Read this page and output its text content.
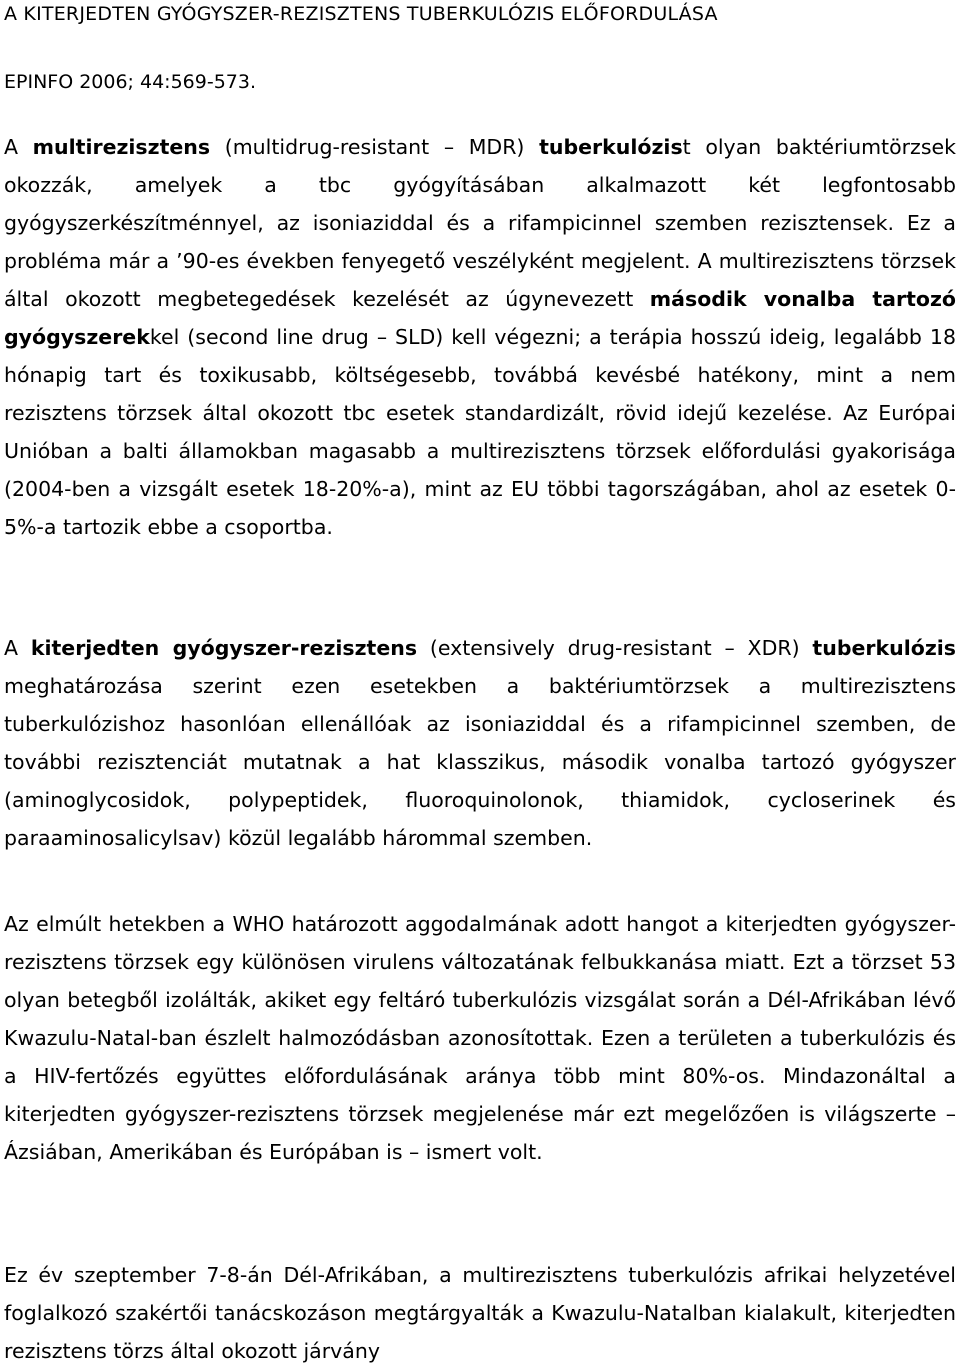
A KITERJEDTEN GYÓGYSZER-REZISZTENS TUBERKULÓZIS ELŐFORDULÁSA
EPINFO 2006; 44:569-573.

A multirezisztens (multidrug-resistant – MDR) tuberkulózist olyan baktériumtörzsek okozzák, amelyek a tbc gyógyításában alkalmazott két legfontosabb gyógyszerkészítménnyel, az isoniaziddal és a rifampicinnel szemben rezisztensek. Ez a probléma már a ’90-es években fenyegető veszélyként megjelent. A multirezisztens törzsek által okozott megbetegedések kezelését az úgynevezett második vonalba tartozó gyógyszerekkel (second line drug – SLD) kell végezni; a terápia hosszú ideig, legalább 18 hónapig tart és toxikusabb, költségesebb, továbbá kevésbé hatékony, mint a nem rezisztens törzsek által okozott tbc esetek standardizált, rövid idejű kezelése. Az Európai Unióban a balti államokban magasabb a multirezisztens törzsek előfordulási gyakorisága (2004-ben a vizsgált esetek 18-20%-a), mint az EU többi tagországában, ahol az esetek 0-5%-a tartozik ebbe a csoportba.

A kiterjedten gyógyszer-rezisztens (extensively drug-resistant – XDR) tuberkulózis meghatározása szerint ezen esetekben a baktériumtörzsek a multirezisztens tuberkulózishoz hasonlóan ellenállóak az isoniaziddal és a rifampicinnel szemben, de további rezisztenciát mutatnak a hat klasszikus, második vonalba tartozó gyógyszer (aminoglycosidok, polypeptidek, fluoroquinolonok, thiamidok, cycloserinek és paraaminosalicylsav) közül legalább hárommal szemben.

Az elmúlt hetekben a WHO határozott aggodalmának adott hangot a kiterjedten gyógyszer-rezisztens törzsek egy különösen virulens változatának felbukkanása miatt. Ezt a törzset 53 olyan betegből izolálták, akiket egy feltáró tuberkulózis vizsgálat során a Dél-Afrikában lévő Kwazulu-Natal-ban észlelt halmozódásban azonosítottak. Ezen a területen a tuberkulózis és a HIV-fertőzés együttes előfordulásának aránya több mint 80%-os. Mindazonáltal a kiterjedten gyógyszer-rezisztens törzsek megjelenése már ezt megelőzően is világszerte – Ázsiában, Amerikában és Európában is – ismert volt.

Ez év szeptember 7-8-án Dél-Afrikában, a multirezisztens tuberkulózis afrikai helyzetével foglalkozó szakértői tanácskozáson megtárgyalták a Kwazulu-Natalban kialakult, kiterjedten rezisztens törzs által okozott járvány
